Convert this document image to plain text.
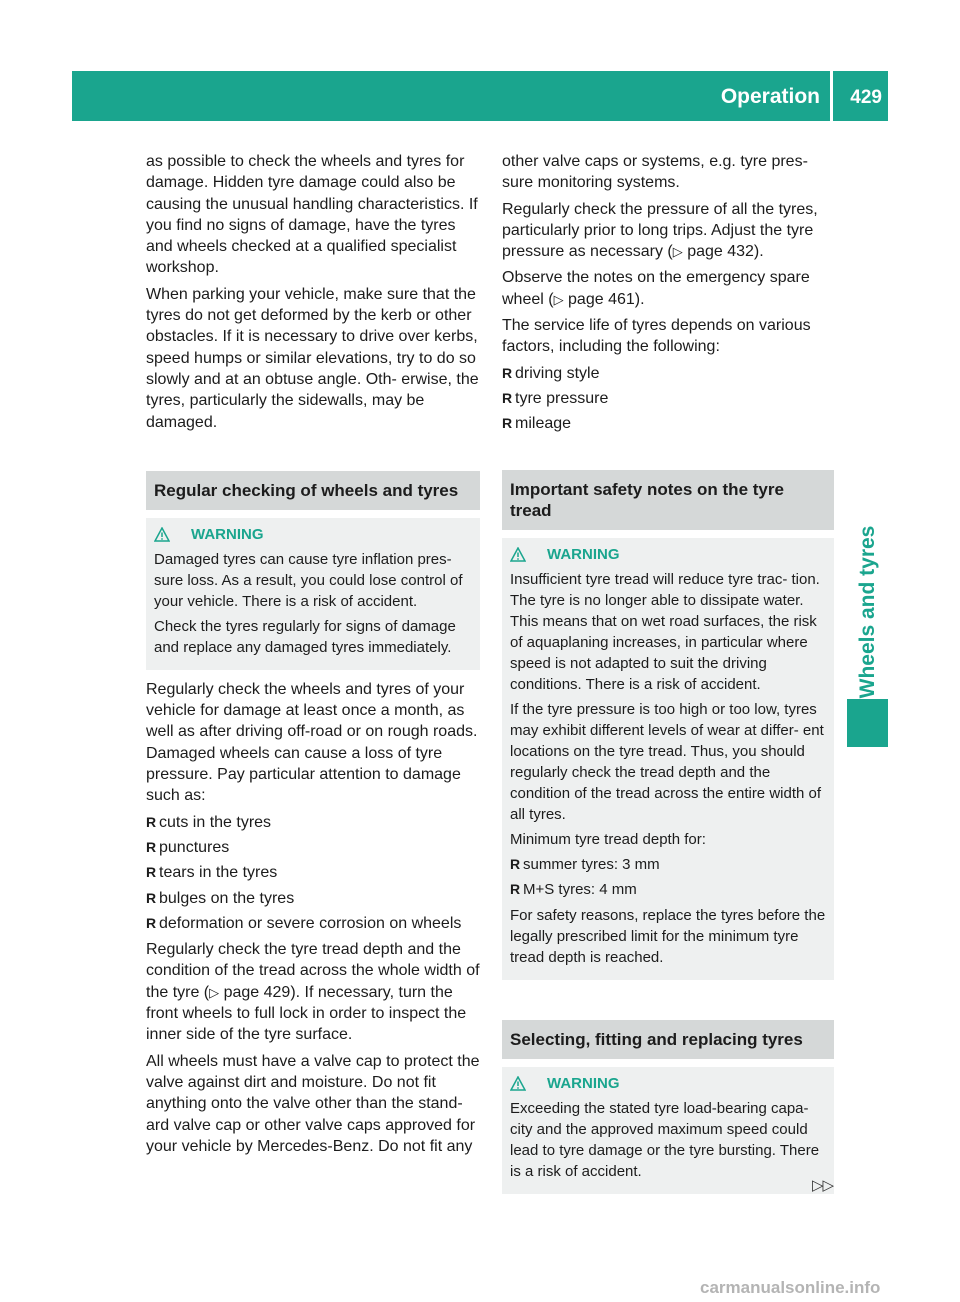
Operation 429
Wheels and tyres

as possible to check the wheels and tyres for damage. Hidden tyre damage could also be causing the unusual handling characteristics. If you find no signs of damage, have the tyres and wheels checked at a qualified specialist workshop.

When parking your vehicle, make sure that the tyres do not get deformed by the kerb or other obstacles. If it is necessary to drive over kerbs, speed humps or similar elevations, try to do so slowly and at an obtuse angle. Oth- erwise, the tyres, particularly the sidewalls, may be damaged.

Regular checking of wheels and tyres
WARNING

Damaged tyres can cause tyre inflation pres- sure loss. As a result, you could lose control of your vehicle. There is a risk of accident.

Check the tyres regularly for signs of damage and replace any damaged tyres immediately.

Regularly check the wheels and tyres of your vehicle for damage at least once a month, as well as after driving off-road or on rough roads. Damaged wheels can cause a loss of tyre pressure. Pay particular attention to damage such as:

R cuts in the tyres
R punctures
R tears in the tyres
R bulges on the tyres
R deformation or severe corrosion on wheels

Regularly check the tyre tread depth and the condition of the tread across the whole width of the tyre (▷ page 429). If necessary, turn the front wheels to full lock in order to inspect the inner side of the tyre surface.

All wheels must have a valve cap to protect the valve against dirt and moisture. Do not fit anything onto the valve other than the stand- ard valve cap or other valve caps approved for your vehicle by Mercedes-Benz. Do not fit any

other valve caps or systems, e.g. tyre pres- sure monitoring systems.

Regularly check the pressure of all the tyres, particularly prior to long trips. Adjust the tyre pressure as necessary (▷ page 432).

Observe the notes on the emergency spare wheel (▷ page 461).

The service life of tyres depends on various factors, including the following:

R driving style
R tyre pressure
R mileage
Important safety notes on the tyre tread
WARNING

Insufficient tyre tread will reduce tyre trac- tion. The tyre is no longer able to dissipate water. This means that on wet road surfaces, the risk of aquaplaning increases, in particular where speed is not adapted to suit the driving conditions. There is a risk of accident.

If the tyre pressure is too high or too low, tyres may exhibit different levels of wear at differ- ent locations on the tyre tread. Thus, you should regularly check the tread depth and the condition of the tread across the entire width of all tyres.

Minimum tyre tread depth for:

R summer tyres: 3 mm
R M+S tyres: 4 mm

For safety reasons, replace the tyres before the legally prescribed limit for the minimum tyre tread depth is reached.

Selecting, fitting and replacing tyres
WARNING

Exceeding the stated tyre load-bearing capa- city and the approved maximum speed could lead to tyre damage or the tyre bursting. There is a risk of accident.

▷▷
carmanualsonline.info
